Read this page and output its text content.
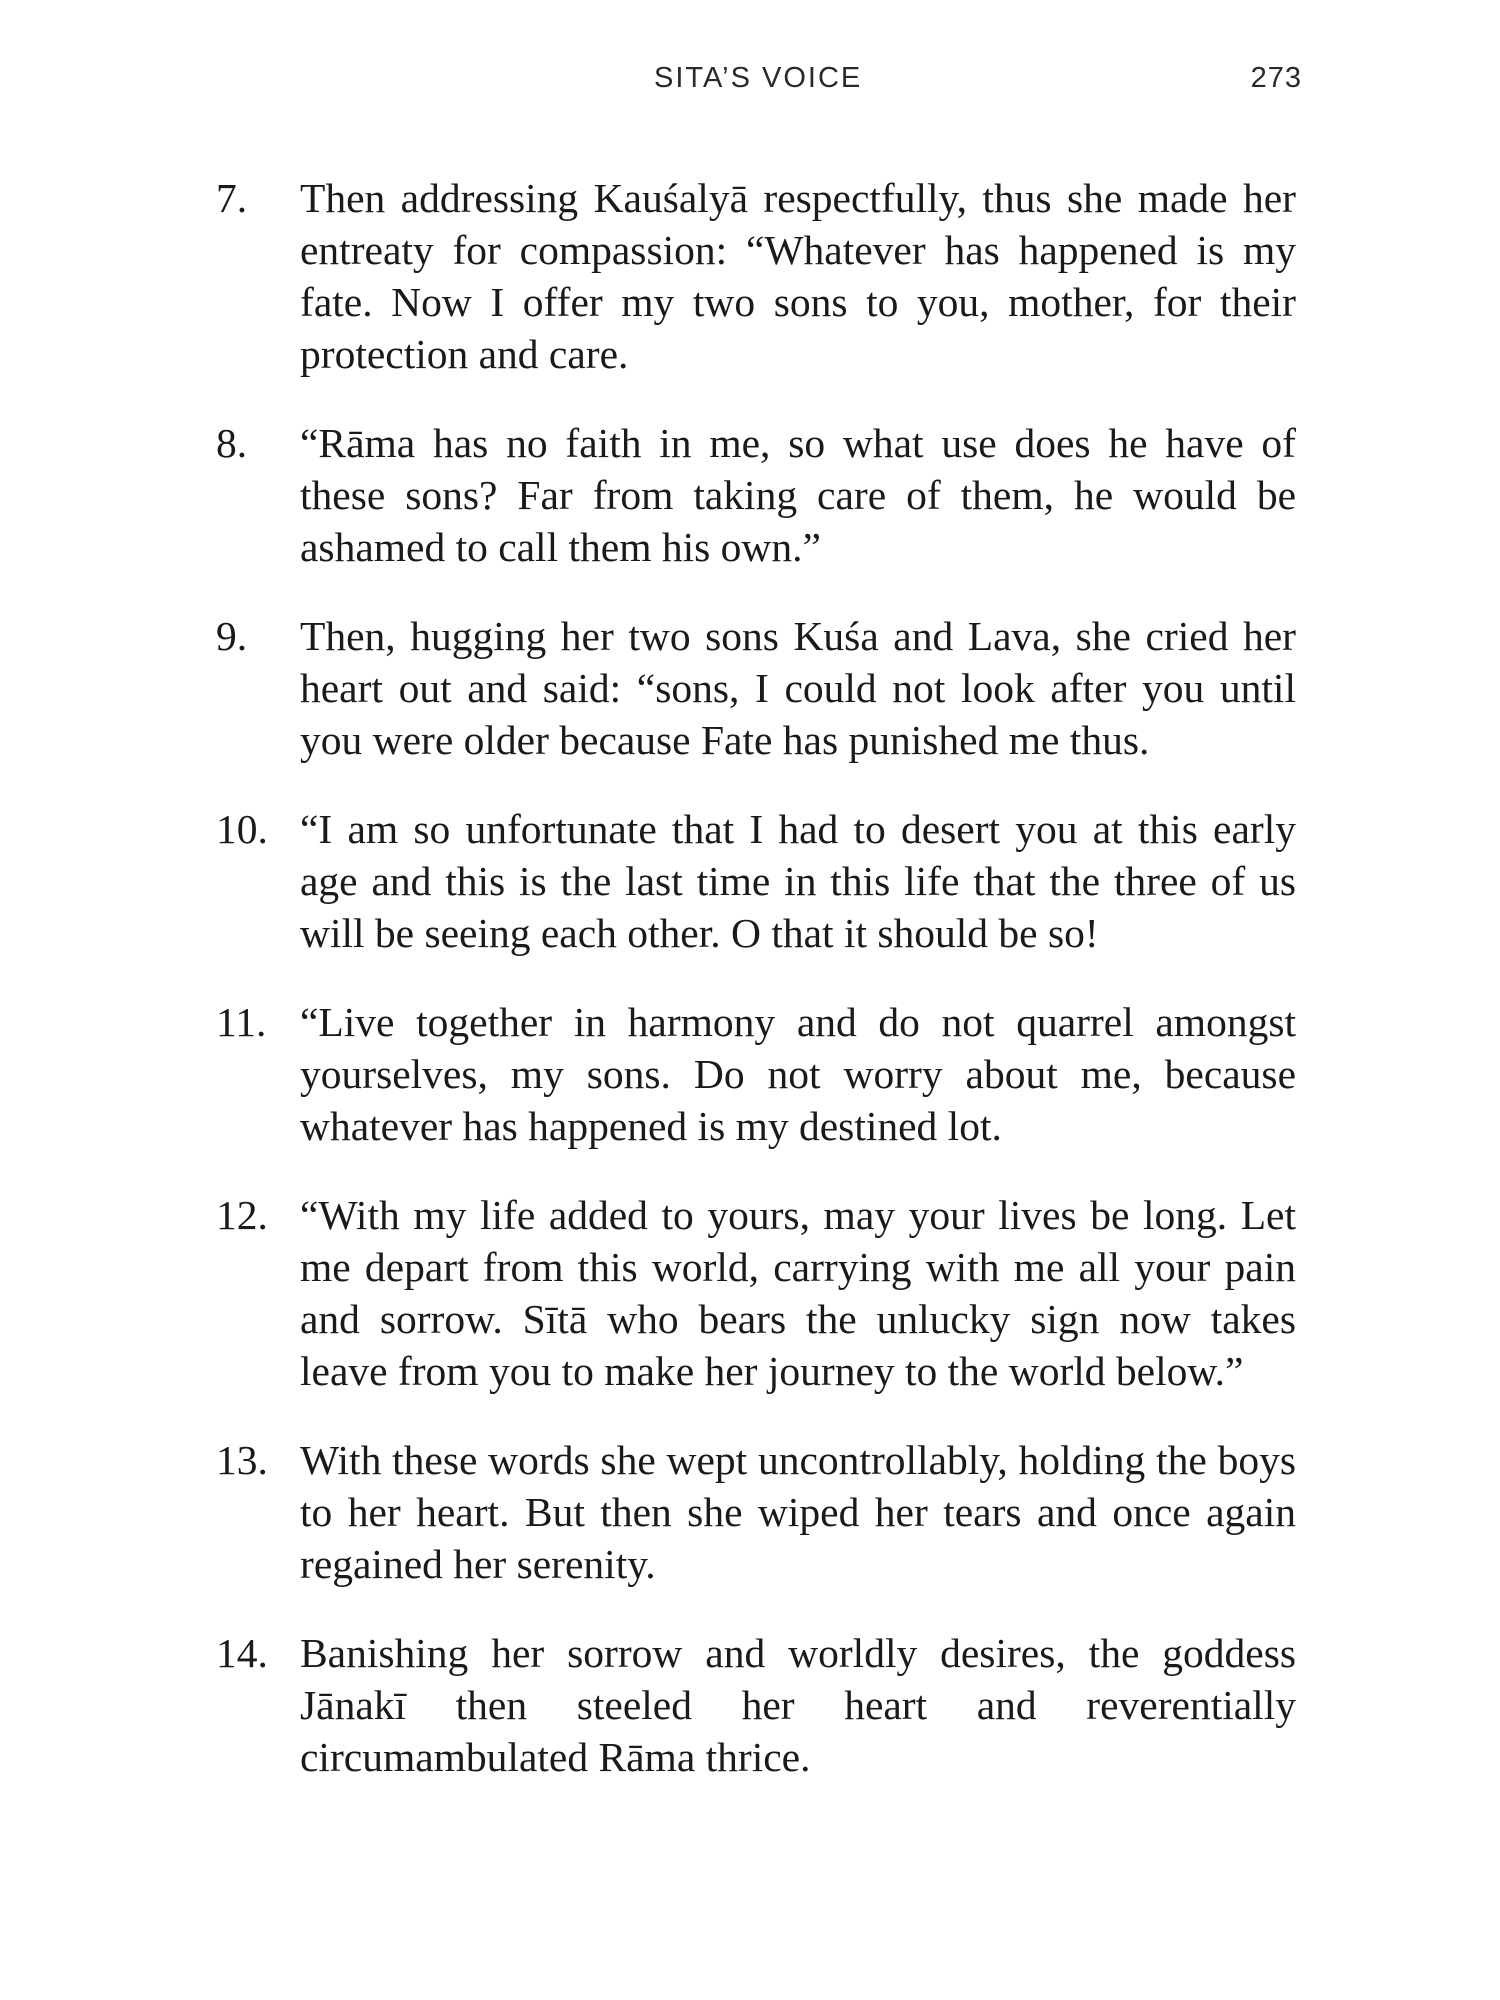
SITA’S VOICE	273
7.	Then addressing Kauśalyā respectfully, thus she made her entreaty for compassion: “Whatever has happened is my fate. Now I offer my two sons to you, mother, for their protection and care.
8.	“Rāma has no faith in me, so what use does he have of these sons? Far from taking care of them, he would be ashamed to call them his own.”
9.	Then, hugging her two sons Kuśa and Lava, she cried her heart out and said: “sons, I could not look after you until you were older because Fate has punished me thus.
10. “I am so unfortunate that I had to desert you at this early age and this is the last time in this life that the three of us will be seeing each other. O that it should be so!
11. “Live together in harmony and do not quarrel amongst yourselves, my sons. Do not worry about me, because whatever has happened is my destined lot.
12. “With my life added to yours, may your lives be long. Let me depart from this world, carrying with me all your pain and sorrow. Sītā who bears the unlucky sign now takes leave from you to make her journey to the world below.”
13. With these words she wept uncontrollably, holding the boys to her heart. But then she wiped her tears and once again regained her serenity.
14. Banishing her sorrow and worldly desires, the goddess Jānakī then steeled her heart and reverentially circumambulated Rāma thrice.
